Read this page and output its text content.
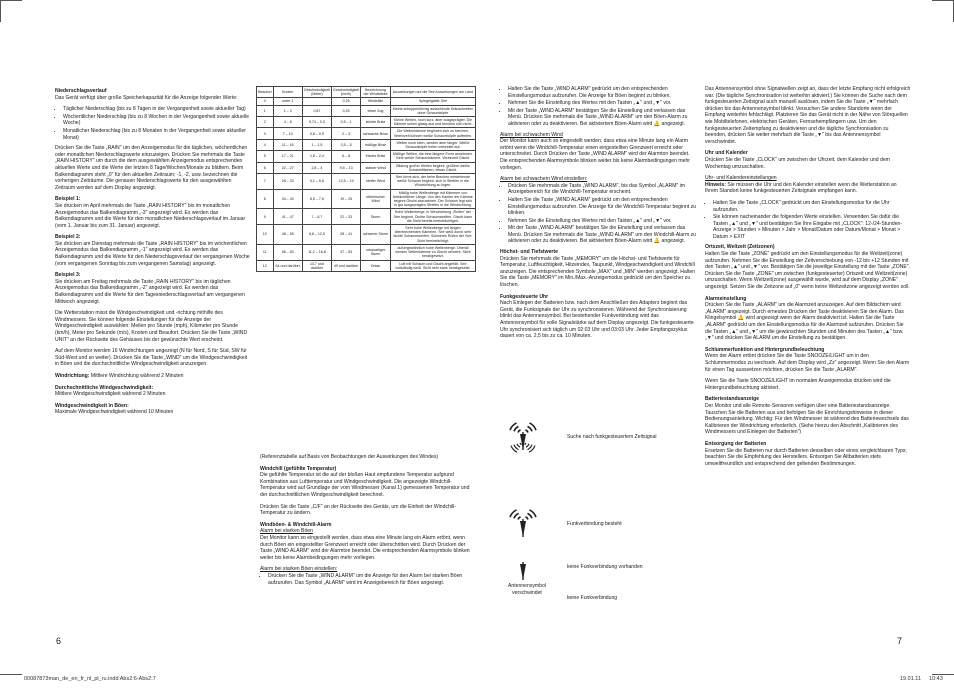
Niederschlagsverlauf

Das Gerät verfügt über große Speicherkapazität für die Anzeige folgender Werte:

• Täglicher Niederschlag (bis zu 8 Tagen in der Vergangenheit sowie aktueller Tag)
• Wöchentlicher Niederschlag (bis zu 8 Wochen in der Vergangenheit sowie aktuelle Woche)
• Monatlicher Niederschlag (bis zu 8 Monaten in der Vergangenheit sowie aktueller Monat)

Drücken Sie die Taste „RAIN" um den Anzeigemodus für die täglichen, wöchentlichen oder monatlichen Niederschlagswerte einzuzeigen. Drücken Sie mehrmals die Taste „RAIN HISTORY" um durch die dem ausgewählten Anzeigemodus entsprechenden aktuellen Werte und die Werte der letzten 8 Tage/Wochen/Monate zu blättern. Beim Balkendiagramm steht „0" für den aktuellen Zeitraum; -1, -2, usw. bezeichnen die vorherigen Zeiträume. Die genauen Niederschlagswerte für den ausgewählten Zeitraum werden auf dem Display angezeigt.

Beispiel 1:

Sie drücken im April mehrmals die Taste „RAIN HISTORY" bis im monatlichen Anzeigemodus das Balkendiagramm „-3" angezeigt wird. Es werden das Balkendiagramm und die Werte für den monatlichen Niederschlagsverlauf im Januar (vom 1. Januar bis zum 31. Januar) angezeigt.

Beispiel 2:

Sie drücken am Dienstag mehrmals die Taste „RAIN HISTORY" bis im wöchentlichen Anzeigemodus das Balkendiagramm „-1" angezeigt wird. Es werden das Balkendiagramm und die Werte für den Niederschlagsverlauf der vergangenen Woche (vom vergangenen Sonntag bis zum vergangenen Samstag) angezeigt.

Beispiel 3:

Sie drücken am Freitag mehrmals die Taste „RAIN HISTORY" bis im täglichen Anzeigemodus das Balkendiagramm „-2" angezeigt wird. Es werden das Balkendiagramm und die Werte für den Tagesniederschlagsverlauf am vergangenen Mittwoch angezeigt.

Die Wetterstation misst die Windgeschwindigkeit und -richtung mithilfe des Windmessers. Sie können folgende Einstellungen für die Anzeige der Windgeschwindigkeit auswählen: Meilen pro Stunde (mph), Kilometer pro Stunde (km/h), Meter pro Sekunde (m/s), Knoten und Beaufort. Drücken Sie die Taste „WIND UNIT" an der Rückseite des Gehäuses bis der gewünschte Wert erscheint.

Auf dem Monitor werden 16 Windrichtungen angezeigt (N für Nord, S für Süd, SW für Süd-West und so weiter). Drücken Sie die Taste „WIND" um die Windgeschwindigkeit in Böen und die durchschnittliche Windgeschwindigkeit anzuzeigen.

Windrichtung: Mittlere Windrichtung während 2 Minuten

Durchschnittliche Windgeschwindigkeit:

Mittlere Windgeschwindigkeit während 2 Minuten

Windgeschwindigkeit in Böen:

Maximale Windgeschwindigkeit während 10 Minuten

Beaufort	Knoten	Geschwindigkeit (Meter)	Geschwindigkeit (km/h)	Bezeichnung der Windstärke	Auswirkungen auf die See Auswirkungen am Land
0	unter 1		0,25	Windstille	Spiegelglatte See
1	1 – 3	0,87	0,25	leiser Zug	Kleine schuppenförmig aussehende Kräuselwellen ohne Schaumköpfe
2	4 – 6	0,74 – 0,3	0,5 – 1	leichte Brise	Kleine Wellen, noch kurz, aber ausgeprägter. Die Kämme sehen glasig aus und brechen sich nicht.
3	7 – 10	0,8 – 0,9	2 – 3	schwache Brise	Die Wellenkämme beginnen sich zu brechen. Vereinzelt können weiße Schaumköpfe auftreten.
4	11 – 16	1 – 1,5	3,5 – 5	mäßige Brise	Wellen noch klein, werden aber länger. Weiße Schaumköpfe treten verbreitet auf.
5	17 – 21	1,8 – 2,4	6 – 8	frische Brise	Mäßige Wellen, die eine längere Form annehmen. Viele weiße Schaumkämme. Vereinzelt Gischt.
6	22 – 27	2,8 – 4	9,5 – 13	starker Wind	Bildung großer Wellen beginnt, größere weiße Schaumflächen, etwas Gischt.
7	28 – 33	5,1 – 6,8	13,5 – 19	steifer Wind	See türmt sich, der beim Brechen entstehende weiße Schaum beginnt, sich in Streifen in die Windrichtung zu legen.
8	34 – 40	6,5 – 7,6	19 – 25	stürmischer Wind	Mäßig hohe Wellenberge mit Kämmen von beträchtlicher Länge. Von den Kanten der Kämme beginnt Gischt abzuwehen. Der Schaum legt sich in gut ausgeprägten Streifen in die Windrichtung.
9	41 – 47	7 – 8,7	22 – 33	Sturm	Hohe Wellenberge, in Windrichtung „Rollen" der See beginnt. Dichte Schaumstreifen. Gischt kann die Sicht bereits beeinträchtigen.
10	48 – 55	8,8 – 12,5	28 – 41	schwerer Sturm	Sehr hohe Wellenberge mit langen überbrechenden Kämmen. See weiß durch sehr dichte Schaumstreifen. Schweres Rollen der See. Sicht beeinträchtigt.
11	56 – 63	11,2 – 16,8	37 – 53	orkanartiger Sturm	außergewöhnlich hohe Wellenberge. Überall werden Wellenkämme zu Gischt verweht. Sicht herabgesetzt.
12	64 und darüber	13,7 und darüber	49 und darüber	Orkan	Luft mit Schaum und Gischt angefüllt. See vollständig weiß. Sicht sehr stark herabgesetzt.

(Referenztabelle auf Basis von Beobachtungen der Auswirkungen des Windes)

Windchill (gefühlte Temperatur)

Die gefühlte Temperatur ist die auf der bloßen Haut empfundene Temperatur aufgrund Kombination aus Lufttemperatur und Windgeschwindigkeit. Die angezeigte Windchill-Temperatur wird auf Grundlage der vom Windmesser (Kanal 1) gemessenen Temperatur und der durchschnittlichen Windgeschwindigkeit berechnet.

Drücken Sie die Taste „C/F" an der Rückseite des Geräts, um die Einheit der Windchill-Temperatur zu ändern.

Windböen- & Windchill-Alarm

Alarm bei starken Böen

Der Monitor kann so eingestellt werden, dass etwa eine Minute lang ein Alarm ertönt, wenn durch Böen ein eingestellter Grenzwert erreicht oder überschritten wird. Durch Drücken der Taste „WIND ALARM" wird der Alarmton beendet. Die entsprechenden Alarmsymbole blinken weiter bis keine Alarmbedingungen mehr vorliegen.

Alarm bei starken Böen einstellen:

• Drücken Sie die Taste „WIND ALARM" um die Anzeige für den Alarm bei starken Böen aufzurufen. Das Symbol „ALARM" wird im Anzeigebereich für Böen angezeigt.
6
• Halten Sie die Taste „WIND ALARM" gedrückt um den entsprechenden Einstellungsmodus aufzurufen. Die Anzeige für Böen beginnt zu blinken.
• Nehmen Sie die Einstellung des Wertes mit den Tasten „▲" und „▼" vor.
• Mit der Taste „WIND ALARM" bestätigen Sie die Einstellung und verlassen das Menü. Drücken Sie mehrmals die Taste „WIND ALARM" um den Böen-Alarm zu aktivieren oder zu deaktivieren. Bei aktiviertem Böen-Alarm wird 🔔 angezeigt.

Alarm bei schwachem Wind

Der Monitor kann auch so eingestellt werden, dass etwa eine Minute lang ein Alarm ertönt wenn die Windchill-Temperatur einen eingestellten Grenzwert erreicht oder unterschreitet. Durch Drücken der Taste „WIND ALARM" wird der Alarmton beendet. Die entsprechenden Alarmsymbole blinken weiter bis keine Alarmbedingungen mehr vorliegen.

Alarm bei schwachem Wind einstellen:

• Drücken Sie mehrmals die Taste „WIND ALARM", bis das Symbol „ALARM" im Anzeigebereich für die Windchill-Temperatur erscheint.
• Halten Sie die Taste „WIND ALARM" gedrückt um den entsprechenden Einstellungsmodus aufzurufen. Die Anzeige für die Windchill-Temperatur beginnt zu blinken.
• Nehmen Sie die Einstellung des Wertes mit den Tasten „▲" und „▼" vor.
• Mit der Taste „WIND ALARM" bestätigen Sie die Einstellung und verlassen das Menü. Drücken Sie mehrmals die Taste „WIND ALARM" um den Windchill-Alarm zu aktivieren oder zu deaktivieren. Bei aktiviertem Böen-Alarm wird 🔔 angezeigt.
Höchst- und Tiefstwerte

Drücken Sie mehrmals die Taste „MEMORY" um die Höchst- und Tiefstwerte für Temperatur, Luftfeuchtigkeit, Hitzeindex, Taupunkt, Windgeschwindigkeit und Windchill anzuzeigen. Die entsprechenden Symbole „MAX" und „MIN" werden angezeigt. Halten Sie die Taste „MEMORY" im Min./Max.-Anzeigemodus gedrückt um den Speicher zu löschen.

Funkgesteuerte Uhr

Nach Einlegen der Batterien bzw. nach dem Anschließen des Adapters beginnt das Gerät, die Funksignale der Uhr zu synchronisieren. Während der Synchronisierung blinkt das Antennensymbol. Bei bestehender Funkverbindung wird das Antennensymbol für volle Signalstärke auf dem Display angezeigt. Die funkgesteuerte Uhr synchronisiert sich täglich um 02:03 Uhr und 03:03 Uhr. Jeder Empfangszyklus dauert von ca. 2,5 bis zu ca. 10 Minuten.

Suche nach funkgesteuertem Zeitsignal
Funkverbindung besteht
keine Funkverbindung vorhanden
Antennensymbol verschwindet
keine Funkverbindung

Das Antennensymbol ohne Signalwellen zeigt an, dass der letzte Empfang nicht erfolgreich war. (Die tägliche Synchronisation ist weiterhin aktiviert.) Sie können die Suche nach dem funkgesteuerten Zeitsignal auch manuell auslösen, indem Sie die Taste „▼" mehrfach drücken bis das Antennensymbol blinkt. Versuchen Sie andere Standorte wenn der Empfang weiterhin fehlschlägt. Platzieren Sie das Gerät nicht in der Nähe von Störquellen wie Mobiltelefonen, elektrischen Geräten, Fernsehempfängern usw. Um den funkgesteuerten Zeitempfang zu deaktivieren und die tägliche Synchronisation zu beenden, drücken Sie weiter mehrfach die Taste „▼" bis das Antennensymbol verschwindet.

Uhr und Kalender

Drücken Sie die Taste „CLOCK" um zwischen der Uhrzeit, dem Kalender und dem Wochentag umzuschalten.

Uhr- und Kalendereinstellungen

Hinweis: Sie müssen die Uhr und den Kalender einstellen wenn die Wetterstation an Ihrem Standort keine funkgesteuerten Zeitsignale empfangen kann.

• Halten Sie die Taste „CLOCK" gedrückt um den Einstellungsmodus für die Uhr aufzurufen.
• Sie können nacheinander die folgenden Werte einstellen. Verwenden Sie dafür die Tasten „▲" und „▼" und bestätigen Sie Ihre Eingabe mit „CLOCK": 12-/24-Stunden-Anzeige > Stunden > Minuten > Jahr > Monat/Datum oder Datum/Monat > Monat > Datum > EXIT
Ortszeit, Weltzeit (Zeitzonen)

Halten Sie die Taste „ZONE" gedrückt um den Einstellungsmodus für die Weltzeit(zone) aufzurufen. Nehmen Sie die Einstellung der Zeitverschiebung von -12 bis +12 Stunden mit den Tasten „▲" und „▼" vor. Bestätigen Sie die jeweilige Einstellung mit der Taste „ZONE". Drücken Sie die Taste „ZONE" um zwischen (funkgesteuerter) Ortszeit und Weltzeit(zone) umzuschalten. Wenn Weltzeit(zone) ausgewählt wurde, wird auf dem Display „ZONE" angezeigt. Setzen Sie die Zeitzone auf „0" wenn keine Weltzeitzone angezeigt werden soll.

Alarmeinstellung

Drücken Sie die Taste „ALARM" um die Alarmzeit anzuzeigen. Auf dem Bildschirm wird „ALARM" angezeigt. Durch erneutes Drücken der Taste deaktivieren Sie den Alarm. Das Klingelsymbol 🔔 wird angezeigt wenn der Alarm deaktiviert ist. Halten Sie die Taste „ALARM" gedrückt um den Einstellungsmodus für die Alarmzeit aufzurufen. Drücken Sie die Tasten „▲" und „▼" um die gewünschten Stunden und Minuten des Tasten „▲" bzw. „▼" und drücken Sie ALARM um die Einstellung zu bestätigen.

Schlummerfunktion und Hintergrundbeleuchtung

Wenn der Alarm ertönt drücken Sie die Taste SNOOZE/LIGHT um in den Schlummermodus zu wechseln. Auf dem Display wird „Zz" angezeigt. Wenn Sie den Alarm für einen Tag ausssetzen möchten, drücken Sie die Taste „ALARM".

Wenn Sie die Taste SNOOZE/LIGHT im normalen Anzeigemodus drücken wird die Hintergrundbeleuchtung aktiviert.

Batteriestandsanzeige

Der Monitor und alle Remote-Sensoren verfügen über eine Batteriestandsanzeige. Tauschen Sie die Batterien aus und befolgen Sie die Einrichtungshinweise in dieser Bedienungsanleitung. Wichtig: Für den Windmesser ist während des Batteriewechsels das Kalibrieren der Windrichtung erforderlich. (Siehe hierzu den Abschnitt „Kalibrieren des Windmessers und Einlegen der Batterien")

Entsorgung der Batterien

Ersetzen Sie die Batterien nur durch Batterien desselben oder eines vergleichbaren Typs; beachten Sie die Empfehlung des Herstellers. Entsorgen Sie Altbatterien stets umweltfreundlich und entsprechend den geltenden Bestimmungen.

7
00087873man_de_en_fr_nl_pl_ru.indd Abs2:6-Abs2:7	19.01.11 10:43
